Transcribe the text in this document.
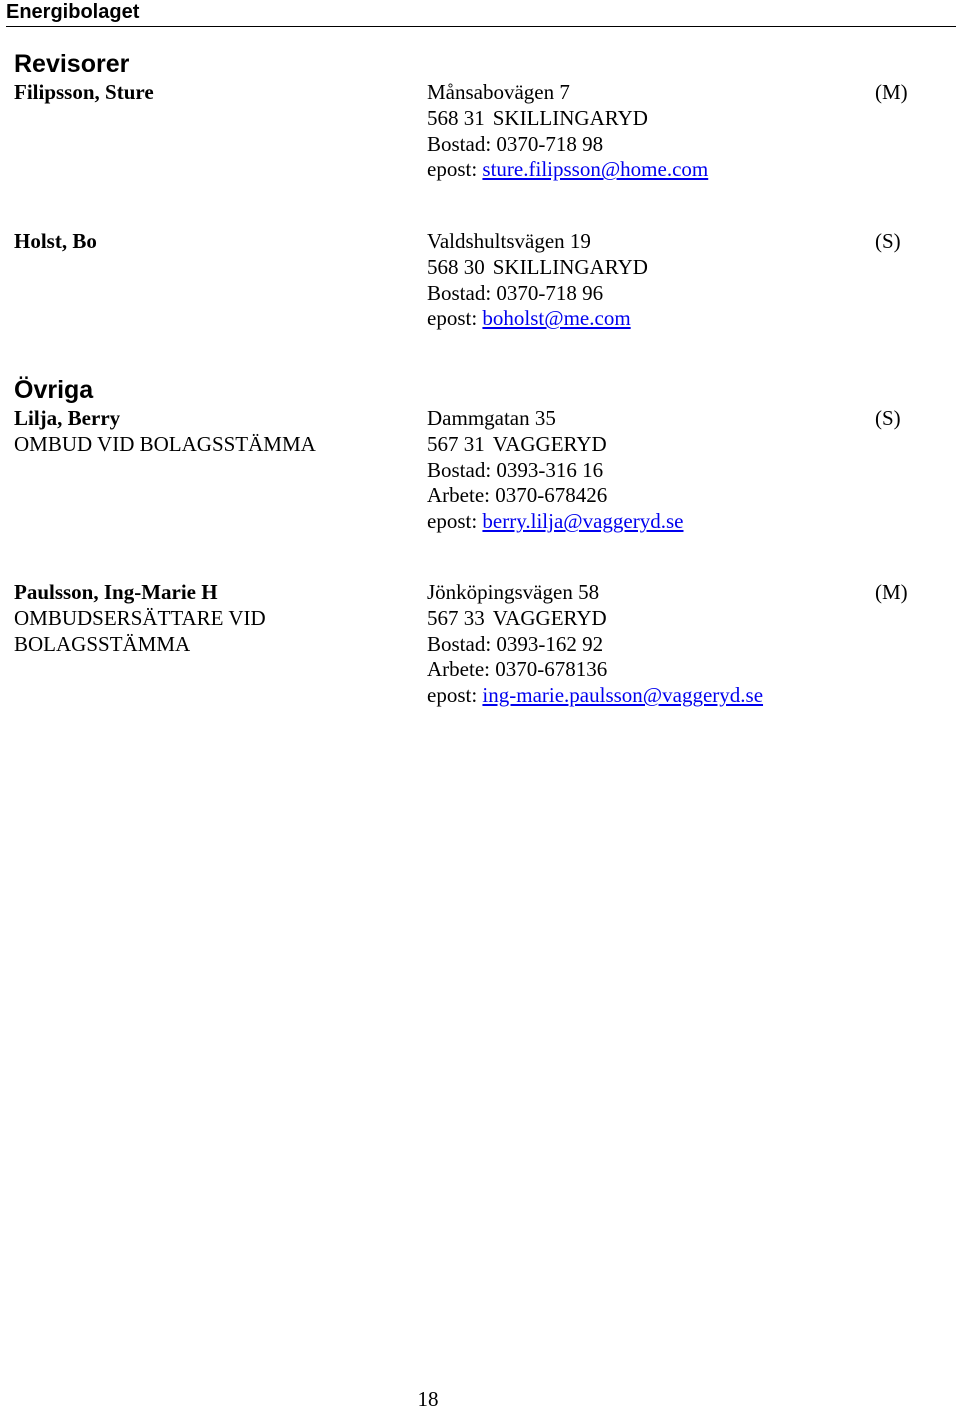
Energibolaget
Revisorer
Filipsson, Sture	Månsabovägen 7
568 31 SKILLINGARYD
Bostad: 0370-718 98
epost: sture.filipsson@home.com
(M)
Holst, Bo	Valdshultsvägen 19
568 30 SKILLINGARYD
Bostad: 0370-718 96
epost: boholst@me.com
(S)
Övriga
Lilja, Berry
OMBUD VID BOLAGSSTÄMMA
Dammgatan 35
567 31 VAGGERYD
Bostad: 0393-316 16
Arbete: 0370-678426
epost: berry.lilja@vaggeryd.se
(S)
Paulsson, Ing-Marie H
OMBUDSERSÄTTARE VID
BOLAGSSTÄMMA
Jönköpingsvägen 58
567 33 VAGGERYD
Bostad: 0393-162 92
Arbete: 0370-678136
epost: ing-marie.paulsson@vaggeryd.se
(M)
18
